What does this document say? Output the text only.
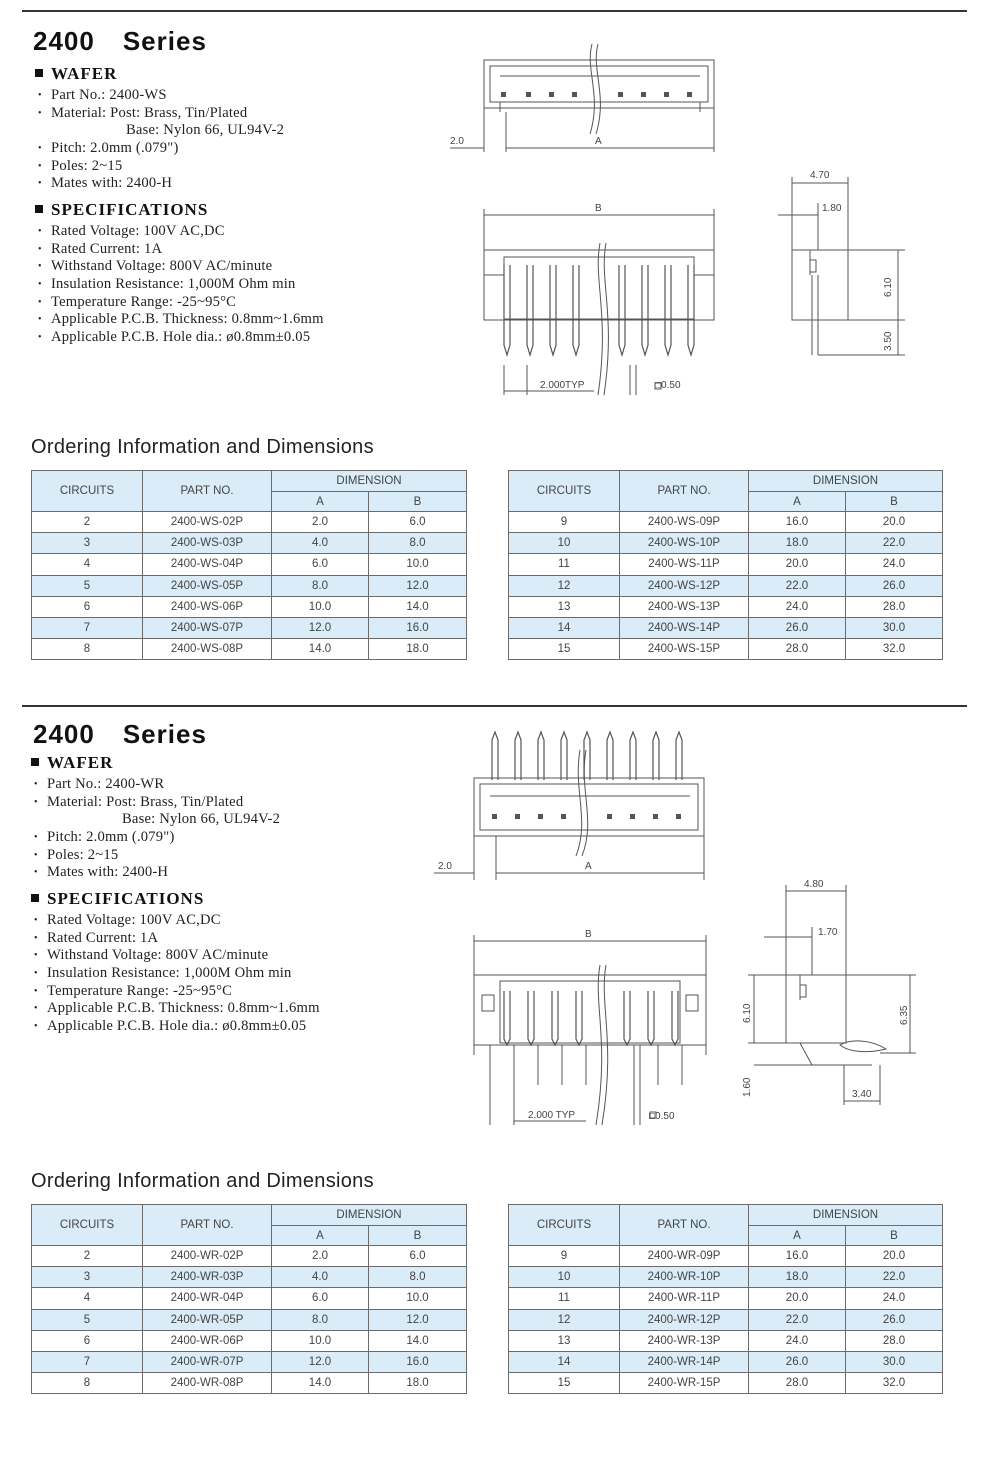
2400 Series
WAFER
• Part No.: 2400-WS
• Material: Post: Brass, Tin/Plated
Base: Nylon 66, UL94V-2
• Pitch: 2.0mm (.079")
• Poles: 2~15
• Mates with: 2400-H
SPECIFICATIONS
• Rated Voltage: 100V AC,DC
• Rated Current: 1A
• Withstand Voltage: 800V AC/minute
• Insulation Resistance: 1,000M Ohm min
• Temperature Range: -25~95°C
• Applicable P.C.B. Thickness: 0.8mm~1.6mm
• Applicable P.C.B. Hole dia.: ø0.8mm±0.05
2.0	A
B
2.000TYP	□0.50
4.70
1.80
6.10
3.50
Ordering Information and Dimensions
CIRCUITS	PART NO.	DIMENSION	
		A	B
2	2400-WS-02P	2.0	6.0
3	2400-WS-03P	4.0	8.0
4	2400-WS-04P	6.0	10.0
5	2400-WS-05P	8.0	12.0
6	2400-WS-06P	10.0	14.0
7	2400-WS-07P	12.0	16.0
8	2400-WS-08P	14.0	18.0
CIRCUITS	PART NO.	DIMENSION	
		A	B
9	2400-WS-09P	16.0	20.0
10	2400-WS-10P	18.0	22.0
11	2400-WS-11P	20.0	24.0
12	2400-WS-12P	22.0	26.0
13	2400-WS-13P	24.0	28.0
14	2400-WS-14P	26.0	30.0
15	2400-WS-15P	28.0	32.0
2400 Series
WAFER
• Part No.: 2400-WR
• Material: Post: Brass, Tin/Plated
Base: Nylon 66, UL94V-2
• Pitch: 2.0mm (.079")
• Poles: 2~15
• Mates with: 2400-H
SPECIFICATIONS
• Rated Voltage: 100V AC,DC
• Rated Current: 1A
• Withstand Voltage: 800V AC/minute
• Insulation Resistance: 1,000M Ohm min
• Temperature Range: -25~95°C
• Applicable P.C.B. Thickness: 0.8mm~1.6mm
• Applicable P.C.B. Hole dia.: ø0.8mm±0.05
2.0	A
B
2.000 TYP	□0.50
4.80
1.70
6.10	6.35
1.60	3.40
Ordering Information and Dimensions
CIRCUITS	PART NO.	DIMENSION	
		A	B
2	2400-WR-02P	2.0	6.0
3	2400-WR-03P	4.0	8.0
4	2400-WR-04P	6.0	10.0
5	2400-WR-05P	8.0	12.0
6	2400-WR-06P	10.0	14.0
7	2400-WR-07P	12.0	16.0
8	2400-WR-08P	14.0	18.0
CIRCUITS	PART NO.	DIMENSION	
		A	B
9	2400-WR-09P	16.0	20.0
10	2400-WR-10P	18.0	22.0
11	2400-WR-11P	20.0	24.0
12	2400-WR-12P	22.0	26.0
13	2400-WR-13P	24.0	28.0
14	2400-WR-14P	26.0	30.0
15	2400-WR-15P	28.0	32.0
